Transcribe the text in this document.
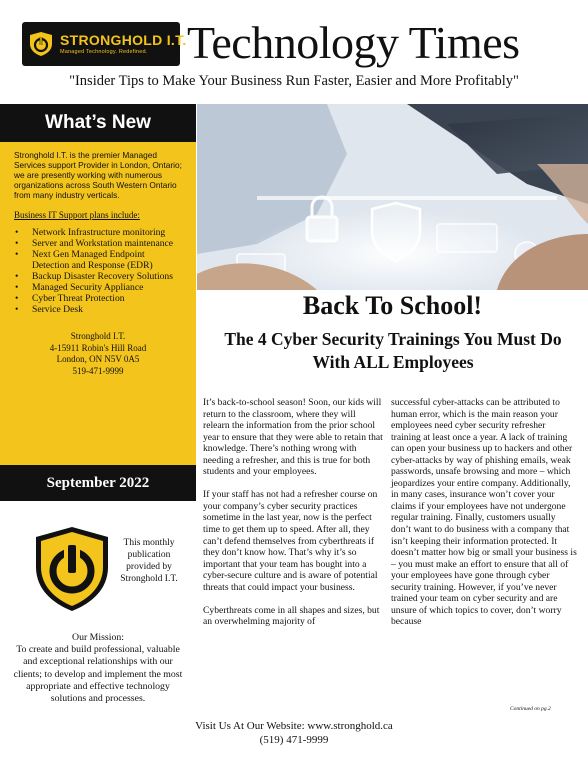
STRONGHOLD I.T.
Managed Technology. Redefined. Technology Times
"Insider Tips to Make Your Business Run Faster, Easier and More Profitably"
What’s New
Stronghold I.T. is the premier Managed Services support Provider in London, Ontario; we are presently working with numerous organizations across South Western Ontario from many industry verticals.
Business IT Support plans include:
• Network Infrastructure monitoring
• Server and Workstation maintenance
• Next Gen Managed Endpoint Detection and Response (EDR)
• Backup Disaster Recovery Solutions
• Managed Security Appliance
• Cyber Threat Protection
• Service Desk
Stronghold I.T.
4-15911 Robin's Hill Road
London, ON N5V 0A5
519-471-9999
September 2022
This monthly publication provided by Stronghold I.T.
Our Mission:
To create and build professional, valuable and exceptional relationships with our clients; to develop and implement the most appropriate and effective technology solutions and processes.
Back To School!
The 4 Cyber Security Trainings You Must Do With ALL Employees

It’s back-to-school season! Soon, our kids will return to the classroom, where they will relearn the information from the prior school year to ensure that they were able to retain that knowledge. There’s nothing wrong with needing a refresher, and this is true for both students and your employees.

If your staff has not had a refresher course on your company’s cyber security practices sometime in the last year, now is the perfect time to get them up to speed. After all, they can’t defend themselves from cyberthreats if they don’t know how. That’s why it’s so important that your team has bought into a cyber-secure culture and is aware of potential threats that could impact your business.

Cyberthreats come in all shapes and sizes, but an overwhelming majority of

successful cyber-attacks can be attributed to human error, which is the main reason your employees need cyber security refresher training at least once a year. A lack of training can open your business up to hackers and other cyber-attacks by way of phishing emails, weak passwords, unsafe browsing and more – which jeopardizes your entire company. Additionally, in many cases, insurance won’t cover your claims if your employees have not undergone regular training. Finally, customers usually don’t want to do business with a company that isn’t keeping their information protected. It doesn’t matter how big or small your business is – you must make an effort to ensure that all of your employees have gone through cyber security training. However, if you’ve never trained your team on cyber security and are unsure of which topics to cover, don’t worry because

Continued on pg.2
Visit Us At Our Website: www.stronghold.ca
(519) 471-9999
